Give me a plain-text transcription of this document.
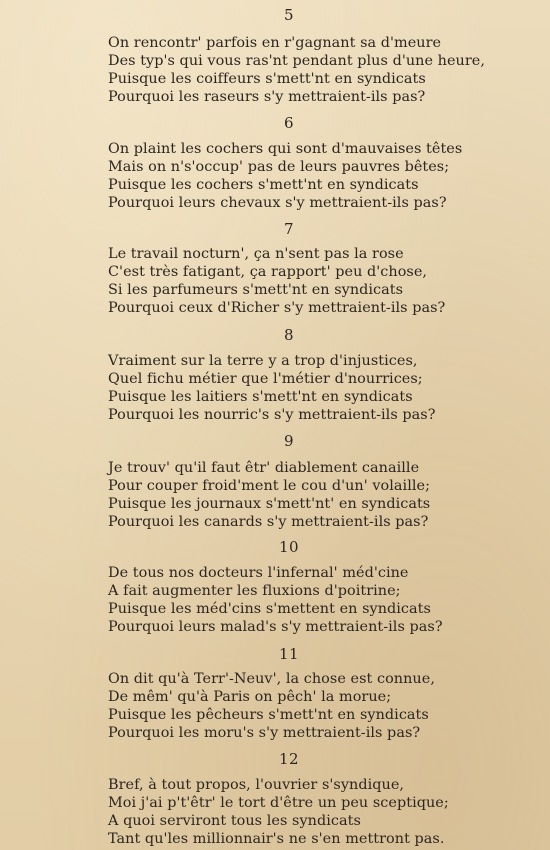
5
On rencontr' parfois en r'gagnant sa d'meure
Des typ's qui vous ras'nt pendant plus d'une heure,
Puisque les coiffeurs s'mett'nt en syndicats
Pourquoi les raseurs s'y mettraient-ils pas?
6
On plaint les cochers qui sont d'mauvaises têtes
Mais on n's'occup' pas de leurs pauvres bêtes;
Puisque les cochers s'mett'nt en syndicats
Pourquoi leurs chevaux s'y mettraient-ils pas?
7
Le travail nocturn', ça n'sent pas la rose
C'est très fatigant, ça rapport' peu d'chose,
Si les parfumeurs s'mett'nt en syndicats
Pourquoi ceux d'Richer s'y mettraient-ils pas?
8
Vraiment sur la terre y a trop d'injustices,
Quel fichu métier que l'métier d'nourrices;
Puisque les laitiers s'mett'nt en syndicats
Pourquoi les nourric's s'y mettraient-ils pas?
9
Je trouv' qu'il faut êtr' diablement canaille
Pour couper froid'ment le cou d'un' volaille;
Puisque les journaux s'mett'nt' en syndicats
Pourquoi les canards s'y mettraient-ils pas?
10
De tous nos docteurs l'infernal' méd'cine
A fait augmenter les fluxions d'poitrine;
Puisque les méd'cins s'mettent en syndicats
Pourquoi leurs malad's s'y mettraient-ils pas?
11
On dit qu'à Terr'-Neuv', la chose est connue,
De mêm' qu'à Paris on pêch' la morue;
Puisque les pêcheurs s'mett'nt en syndicats
Pourquoi les moru's s'y mettraient-ils pas?
12
Bref, à tout propos, l'ouvrier s'syndique,
Moi j'ai p't'êtr' le tort d'être un peu sceptique;
A quoi serviront tous les syndicats
Tant qu'les millionnair's ne s'en mettront pas.
